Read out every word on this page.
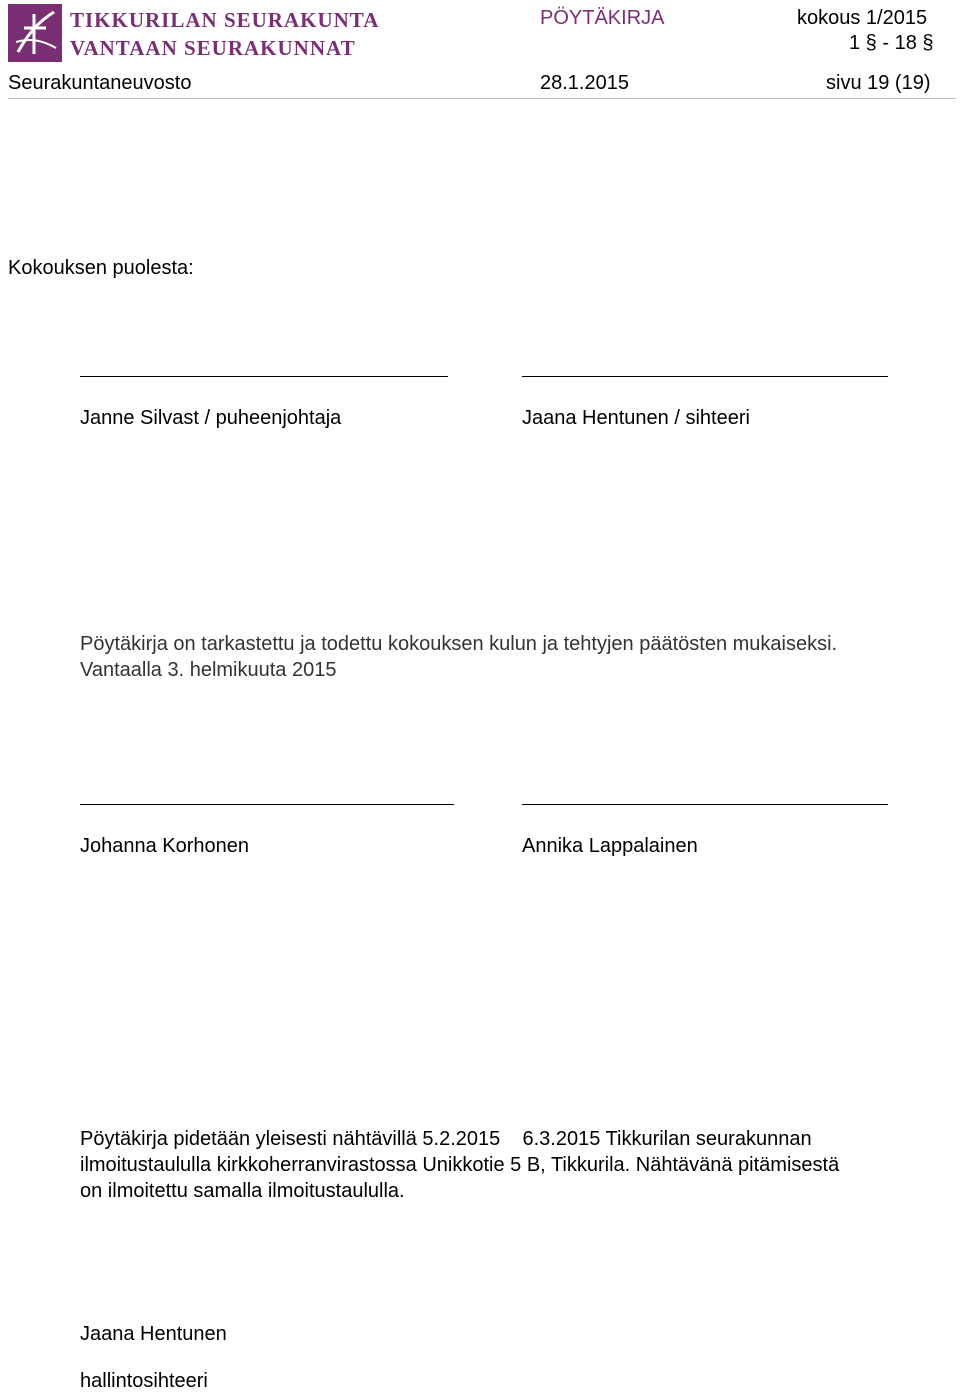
TIKKURILAN SEURAKUNTA
VANTAAN SEURAKUNNAT
PÖYTÄKIRJA	kokous 1/2015
1 § - 18 §
Seurakuntaneuvosto	28.1.2015	sivu 19 (19)
Kokouksen puolesta:
Janne Silvast / puheenjohtaja	Jaana Hentunen / sihteeri
Pöytäkirja on tarkastettu ja todettu kokouksen kulun ja tehtyjen päätösten mukaiseksi.
Vantaalla 3. helmikuuta 2015
Johanna Korhonen	Annika Lappalainen
Pöytäkirja pidetään yleisesti nähtävillä 5.2.2015    6.3.2015 Tikkurilan seurakunnan
ilmoitustaululla kirkkoherranvirastossa Unikkotie 5 B, Tikkurila. Nähtävänä pitämisestä
on ilmoitettu samalla ilmoitustaululla.
Jaana Hentunen
hallintosihteeri
